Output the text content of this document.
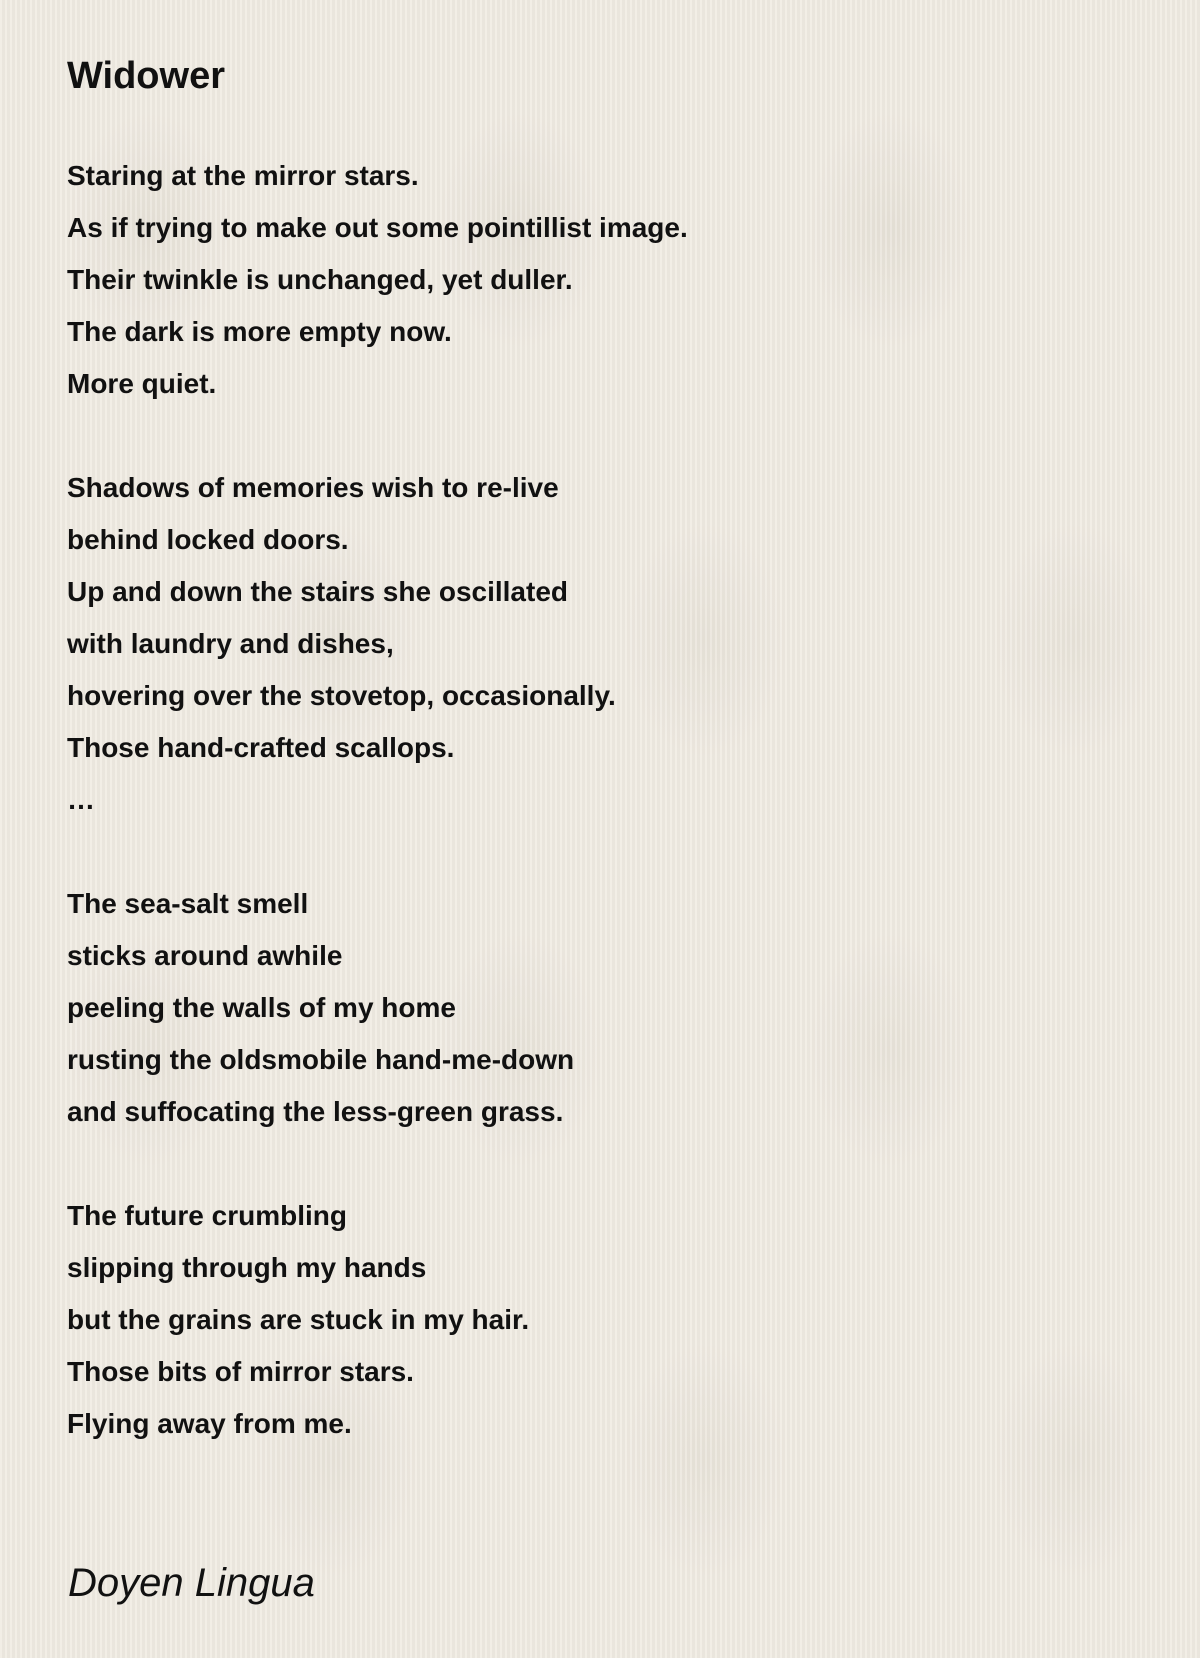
Widower
Staring at the mirror stars.
As if trying to make out some pointillist image.
Their twinkle is unchanged, yet duller.
The dark is more empty now.
More quiet.
Shadows of memories wish to re-live
behind locked doors.
Up and down the stairs she oscillated
with laundry and dishes,
hovering over the stovetop, occasionally.
Those hand-crafted scallops.
…
The sea-salt smell
sticks around awhile
peeling the walls of my home
rusting the oldsmobile hand-me-down
and suffocating the less-green grass.
The future crumbling
slipping through my hands
but the grains are stuck in my hair.
Those bits of mirror stars.
Flying away from me.

Doyen Lingua
